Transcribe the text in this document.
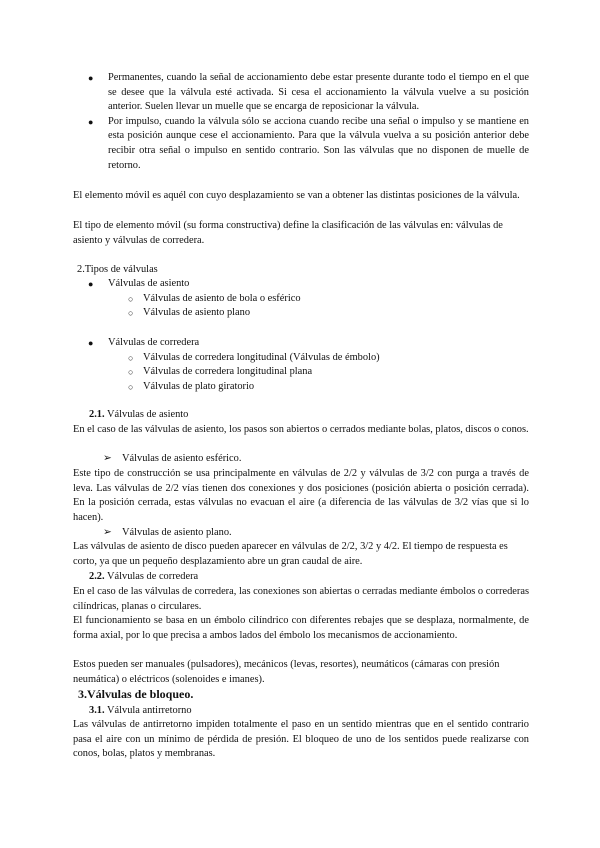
● Permanentes, cuando la señal de accionamiento debe estar presente durante todo el tiempo en el que se desee que la válvula esté activada. Si cesa el accionamiento la válvula vuelve a su posición anterior. Suelen llevar un muelle que se encarga de reposicionar la válvula.
● Por impulso, cuando la válvula sólo se acciona cuando recibe una señal o impulso y se mantiene en esta posición aunque cese el accionamiento. Para que la válvula vuelva a su posición anterior debe recibir otra señal o impulso en sentido contrario. Son las válvulas que no disponen de muelle de retorno.

El elemento móvil es aquél con cuyo desplazamiento se van a obtener las distintas posiciones de la válvula.

El tipo de elemento móvil (su forma constructiva) define la clasificación de las válvulas en: válvulas de asiento y válvulas de corredera.

2.Tipos de válvulas
● Válvulas de asiento
○ Válvulas de asiento de bola o esférico
○ Válvulas de asiento plano
● Válvulas de corredera
○ Válvulas de corredera longitudinal (Válvulas de émbolo)
○ Válvulas de corredera longitudinal plana
○ Válvulas de plato giratorio
2.1. Válvulas de asiento

En el caso de las válvulas de asiento, los pasos son abiertos o cerrados mediante bolas, platos, discos o conos.

➢ Válvulas de asiento esférico.

Este tipo de construcción se usa principalmente en válvulas de 2/2 y válvulas de 3/2 con purga a través de leva. Las válvulas de 2/2 vías tienen dos conexiones y dos posiciones (posición abierta o posición cerrada). En la posición cerrada, estas válvulas no evacuan el aire (a diferencia de las válvulas de 3/2 vías que si lo hacen).

➢ Válvulas de asiento plano.

Las válvulas de asiento de disco pueden aparecer en válvulas de 2/2, 3/2 y 4/2. El tiempo de respuesta es corto, ya que un pequeño desplazamiento abre un gran caudal de aire.

2.2. Válvulas de corredera

En el caso de las válvulas de corredera, las conexiones son abiertas o cerradas mediante émbolos o correderas cilíndricas, planas o circulares.

El funcionamiento se basa en un émbolo cilíndrico con diferentes rebajes que se desplaza, normalmente, de forma axial, por lo que precisa a ambos lados del émbolo los mecanismos de accionamiento.

Estos pueden ser manuales (pulsadores), mecánicos (levas, resortes), neumáticos (cámaras con presión neumática) o eléctricos (solenoides e imanes).

3.Válvulas de bloqueo.
3.1. Válvula antirretorno

Las válvulas de antirretorno impiden totalmente el paso en un sentido mientras que en el sentido contrario pasa el aire con un mínimo de pérdida de presión. El bloqueo de uno de los sentidos puede realizarse con conos, bolas, platos y membranas.
